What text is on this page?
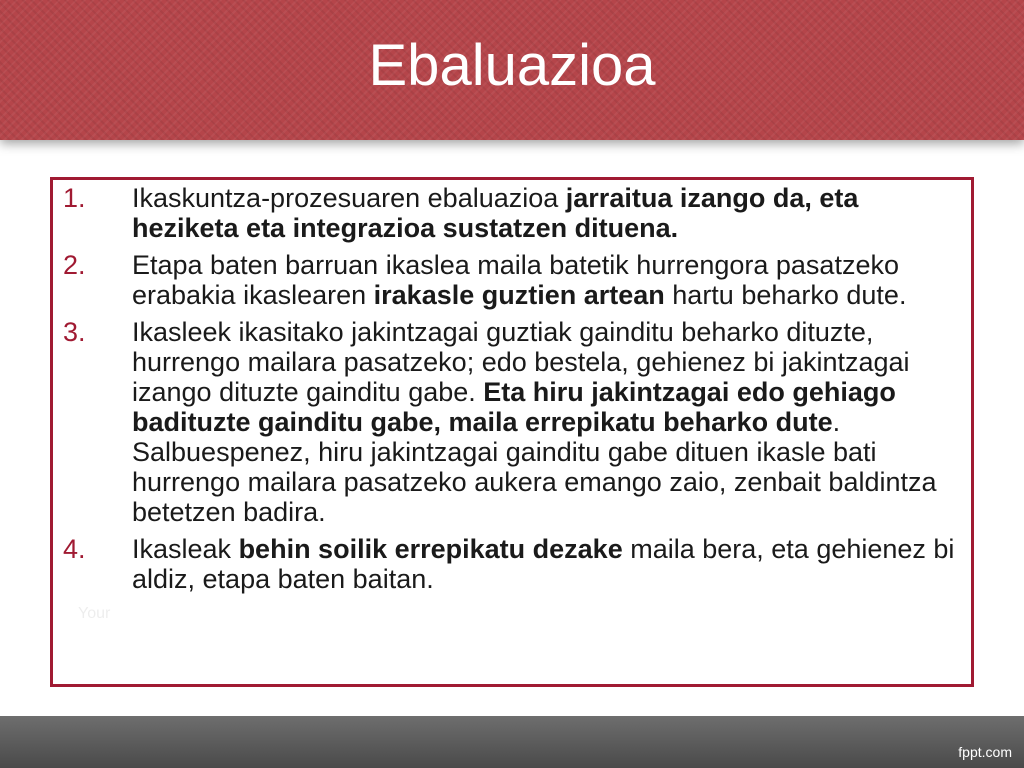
Ebaluazioa
1. Ikaskuntza-prozesuaren ebaluazioa jarraitua izango da, eta heziketa eta integrazioa sustatzen dituena.
2. Etapa baten barruan ikaslea maila batetik hurrengora pasatzeko erabakia ikaslearen irakasle guztien artean hartu beharko dute.
3. Ikasleek ikasitako jakintzagai guztiak gainditu beharko dituzte, hurrengo mailara pasatzeko; edo bestela, gehienez bi jakintzagai izango dituzte gainditu gabe. Eta hiru jakintzagai edo gehiago badituzte gainditu gabe, maila errepikatu beharko dute. Salbuespenez, hiru jakintzagai gainditu gabe dituen ikasle bati hurrengo mailara pasatzeko aukera emango zaio, zenbait baldintza betetzen badira.
4. Ikasleak behin soilik errepikatu dezake maila bera, eta gehienez bi aldiz, etapa baten baitan.
Your
fppt.com
